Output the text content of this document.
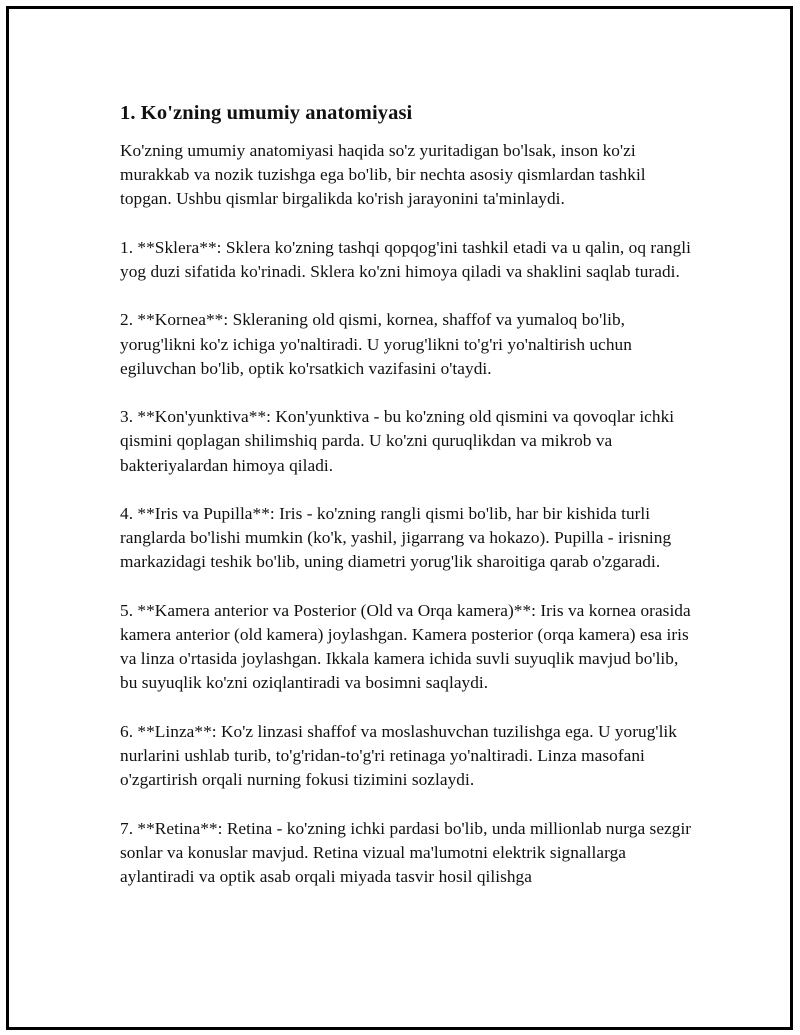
1. Ko'zning umumiy anatomiyasi

Ko'zning umumiy anatomiyasi haqida so'z yuritadigan bo'lsak, inson ko'zi murakkab va nozik tuzishga ega bo'lib, bir nechta asosiy qismlardan tashkil topgan. Ushbu qismlar birgalikda ko'rish jarayonini ta'minlaydi.

1. **Sklera**: Sklera ko'zning tashqi qopqog'ini tashkil etadi va u qalin, oq rangli yog duzi sifatida ko'rinadi. Sklera ko'zni himoya qiladi va shaklini saqlab turadi.

2. **Kornea**: Skleraning old qismi, kornea, shaffof va yumaloq bo'lib, yorug'likni ko'z ichiga yo'naltiradi. U yorug'likni to'g'ri yo'naltirish uchun egiluvchan bo'lib, optik ko'rsatkich vazifasini o'taydi.

3. **Kon'yunktiva**: Kon'yunktiva - bu ko'zning old qismini va qovoqlar ichki qismini qoplagan shilimshiq parda. U ko'zni quruqlikdan va mikrob va bakteriyalardan himoya qiladi.

4. **Iris va Pupilla**: Iris - ko'zning rangli qismi bo'lib, har bir kishida turli ranglarda bo'lishi mumkin (ko'k, yashil, jigarrang va hokazo). Pupilla - irisning markazidagi teshik bo'lib, uning diametri yorug'lik sharoitiga qarab o'zgaradi.

5. **Kamera anterior va Posterior (Old va Orqa kamera)**: Iris va kornea orasida kamera anterior (old kamera) joylashgan. Kamera posterior (orqa kamera) esa iris va linza o'rtasida joylashgan. Ikkala kamera ichida suvli suyuqlik mavjud bo'lib, bu suyuqlik ko'zni oziqlantiradi va bosimni saqlaydi.

6. **Linza**: Ko'z linzasi shaffof va moslashuvchan tuzilishga ega. U yorug'lik nurlarini ushlab turib, to'g'ridan-to'g'ri retinaga yo'naltiradi. Linza masofani o'zgartirish orqali nurning fokusi tizimini sozlaydi.

7. **Retina**: Retina - ko'zning ichki pardasi bo'lib, unda millionlab nurga sezgir sonlar va konuslar mavjud. Retina vizual ma'lumotni elektrik signallarga aylantiradi va optik asab orqali miyada tasvir hosil qilishga
